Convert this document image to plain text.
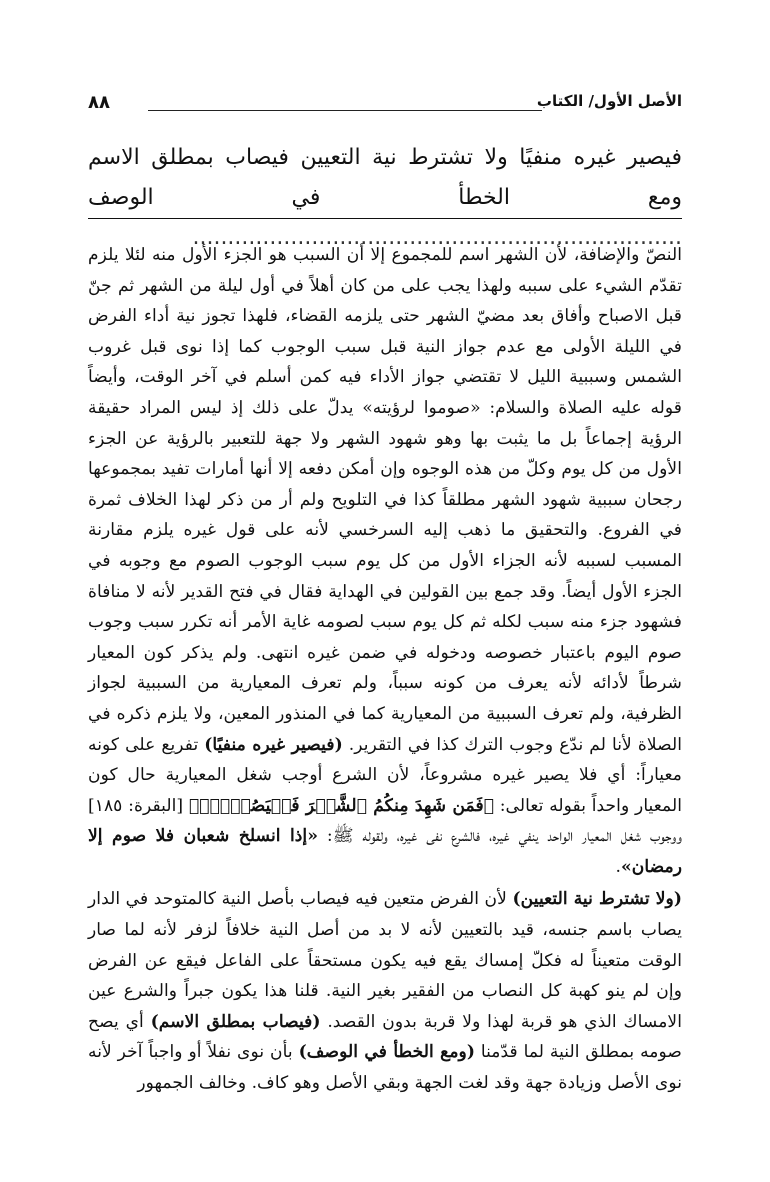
الأصل الأول/ الكتاب
٨٨
فيصير غيره منفيًا ولا تشترط نية التعيين فيصاب بمطلق الاسم ومع الخطأ في الوصف ......................................................................

النصّ والإضافة، لأن الشهر اسم للمجموع إلا أن السبب هو الجزء الأول منه لئلا يلزم تقدّم الشيء على سببه ولهذا يجب على من كان أهلاً في أول ليلة من الشهر ثم جنّ قبل الاصباح وأفاق بعد مضيّ الشهر حتى يلزمه القضاء، فلهذا تجوز نية أداء الفرض في الليلة الأولى مع عدم جواز النية قبل سبب الوجوب كما إذا نوى قبل غروب الشمس وسببية الليل لا تقتضي جواز الأداء فيه كمن أسلم في آخر الوقت، وأيضاً قوله عليه الصلاة والسلام: «صوموا لرؤيته» يدلّ على ذلك إذ ليس المراد حقيقة الرؤية إجماعاً بل ما يثبت بها وهو شهود الشهر ولا جهة للتعبير بالرؤية عن الجزء الأول من كل يوم وكلّ من هذه الوجوه وإن أمكن دفعه إلا أنها أمارات تفيد بمجموعها رجحان سببية شهود الشهر مطلقاً كذا في التلويح ولم أر من ذكر لهذا الخلاف ثمرة في الفروع. والتحقيق ما ذهب إليه السرخسي لأنه على قول غيره يلزم مقارنة المسبب لسببه لأنه الجزاء الأول من كل يوم سبب الوجوب الصوم مع وجوبه في الجزء الأول أيضاً. وقد جمع بين القولين في الهداية فقال في فتح القدير لأنه لا منافاة فشهود جزء منه سبب لكله ثم كل يوم سبب لصومه غاية الأمر أنه تكرر سبب وجوب صوم اليوم باعتبار خصوصه ودخوله في ضمن غيره انتهى. ولم يذكر كون المعيار شرطاً لأدائه لأنه يعرف من كونه سبباً، ولم تعرف المعيارية من السببية لجواز الظرفية، ولم تعرف السببية من المعيارية كما في المنذور المعين، ولا يلزم ذكره في الصلاة لأنا لم ندّع وجوب الترك كذا في التقرير. (فيصير غيره منفيًا) تفريع على كونه معياراً: أي فلا يصير غيره مشروعاً، لأن الشرع أوجب شغل المعيارية حال كون المعيار واحداً بقوله تعالى: ﴿فَمَن شَهِدَ مِنكُمُ ٱلشَّهۡرَ فَلۡيَصُمۡهُۖ﴾ [البقرة: ١٨٥] ووجوب شغل المعيار الواحد ينفي غيره، فالشرع نفى غيره، ولقوله ﷺ: «إذا انسلخ شعبان فلا صوم إلا رمضان».

(ولا تشترط نية التعيين) لأن الفرض متعين فيه فيصاب بأصل النية كالمتوحد في الدار يصاب باسم جنسه، قيد بالتعيين لأنه لا بد من أصل النية خلافاً لزفر لأنه لما صار الوقت متعيناً له فكلّ إمساك يقع فيه يكون مستحقاً على الفاعل فيقع عن الفرض وإن لم ينو كهبة كل النصاب من الفقير بغير النية. قلنا هذا يكون جبراً والشرع عين الامساك الذي هو قربة لهذا ولا قربة بدون القصد. (فيصاب بمطلق الاسم) أي يصح صومه بمطلق النية لما قدّمنا (ومع الخطأ في الوصف) بأن نوى نفلاً أو واجباً آخر لأنه نوى الأصل وزيادة جهة وقد لغت الجهة وبقي الأصل وهو كاف. وخالف الجمهور
